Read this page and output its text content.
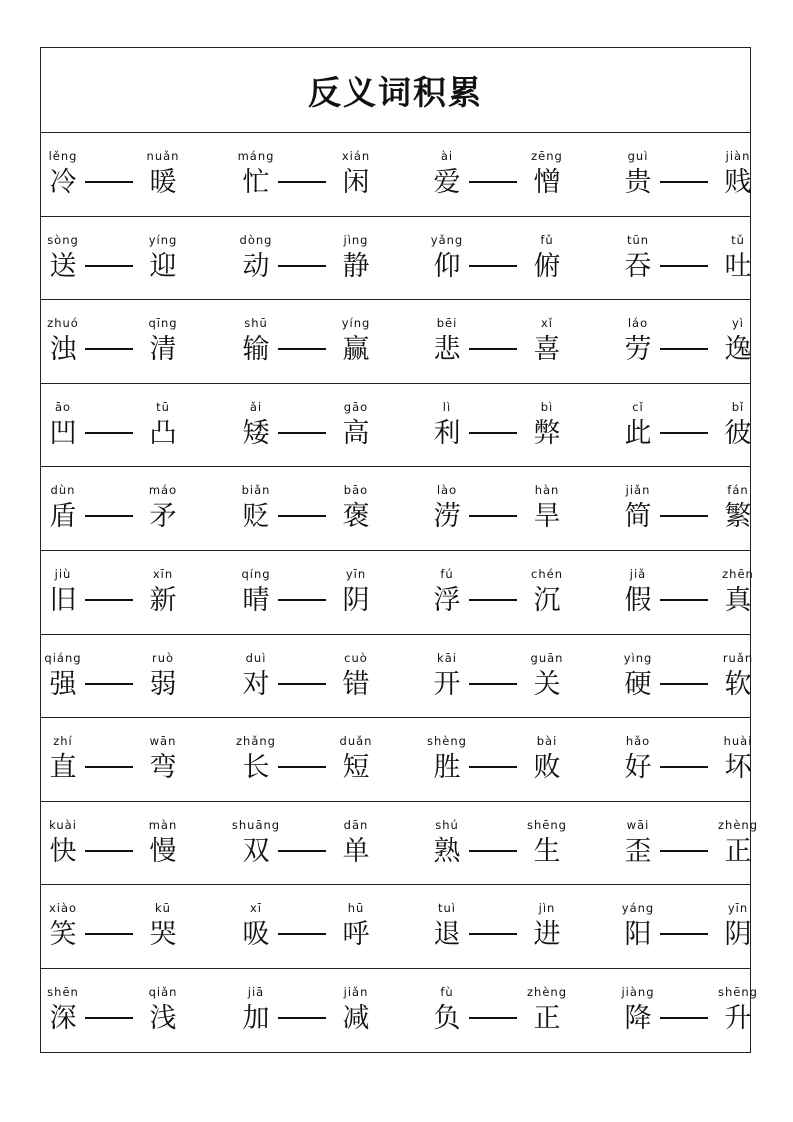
反义词积累
lěng
冷
nuǎn
暖
máng
忙
xián
闲
ài
爱
zēng
憎
guì
贵
jiàn
贱
sòng
送
yíng
迎
dòng
动
jìng
静
yǎng
仰
fǔ
俯
tūn
吞
tǔ
吐
zhuó
浊
qīng
清
shū
输
yíng
赢
bēi
悲
xǐ
喜
láo
劳
yì
逸
āo
凹
tū
凸
ǎi
矮
gāo
高
lì
利
bì
弊
cǐ
此
bǐ
彼
dùn
盾
máo
矛
biǎn
贬
bāo
褒
lào
涝
hàn
旱
jiǎn
简
fán
繁
jiù
旧
xīn
新
qíng
晴
yīn
阴
fú
浮
chén
沉
jiǎ
假
zhēn
真
qiáng
强
ruò
弱
duì
对
cuò
错
kāi
开
guān
关
yìng
硬
ruǎn
软
zhí
直
wān
弯
zhǎng
长
duǎn
短
shèng
胜
bài
败
hǎo
好
huài
坏
kuài
快
màn
慢
shuāng
双
dān
单
shú
熟
shēng
生
wāi
歪
zhèng
正
xiào
笑
kū
哭
xī
吸
hū
呼
tuì
退
jìn
进
yáng
阳
yīn
阴
shēn
深
qiǎn
浅
jiā
加
jiǎn
减
fù
负
zhèng
正
jiàng
降
shēng
升
